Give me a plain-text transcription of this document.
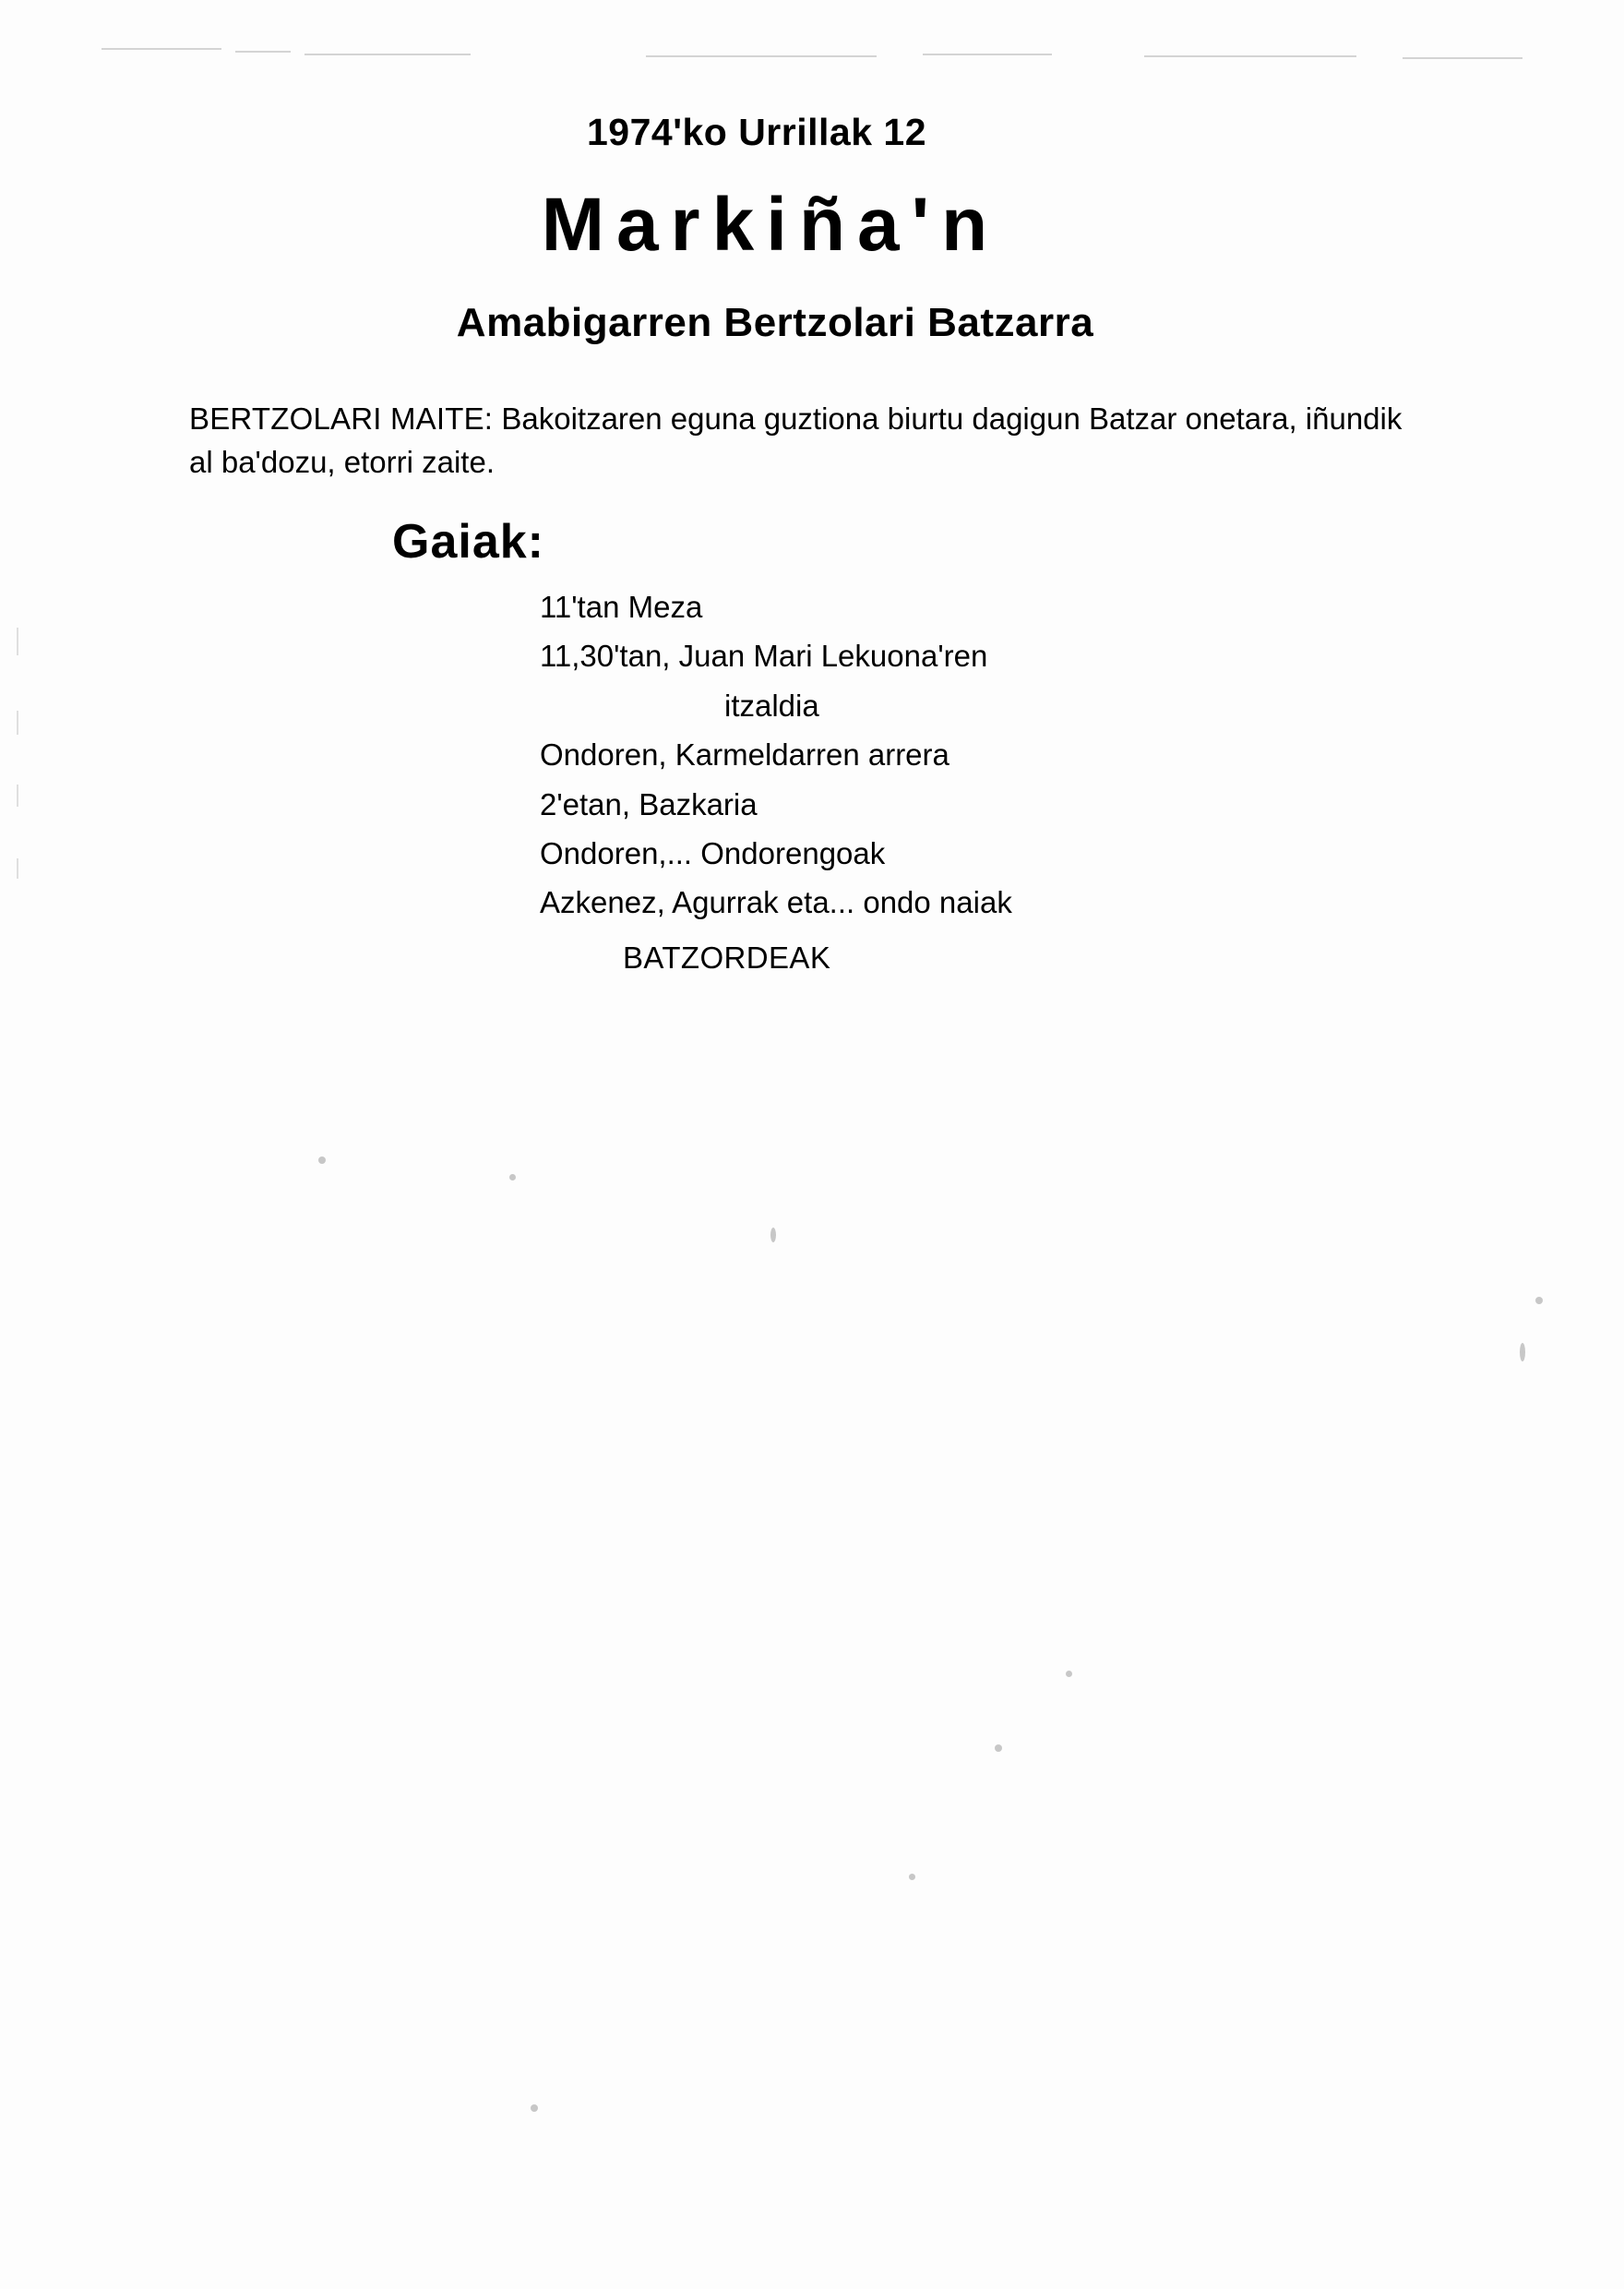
1974'ko Urrillak 12
Markiña'n
Amabigarren Bertzolari Batzarra
BERTZOLARI MAITE: Bakoitzaren eguna guztiona biurtu dagigun Batzar onetara, iñundik al ba'dozu, etorri zaite.
Gaiak:
11'tan Meza
11,30'tan, Juan Mari Lekuona'ren
itzaldia
Ondoren, Karmeldarren arrera
2'etan, Bazkaria
Ondoren,... Ondorengoak
Azkenez, Agurrak eta... ondo naiak
BATZORDEAK
